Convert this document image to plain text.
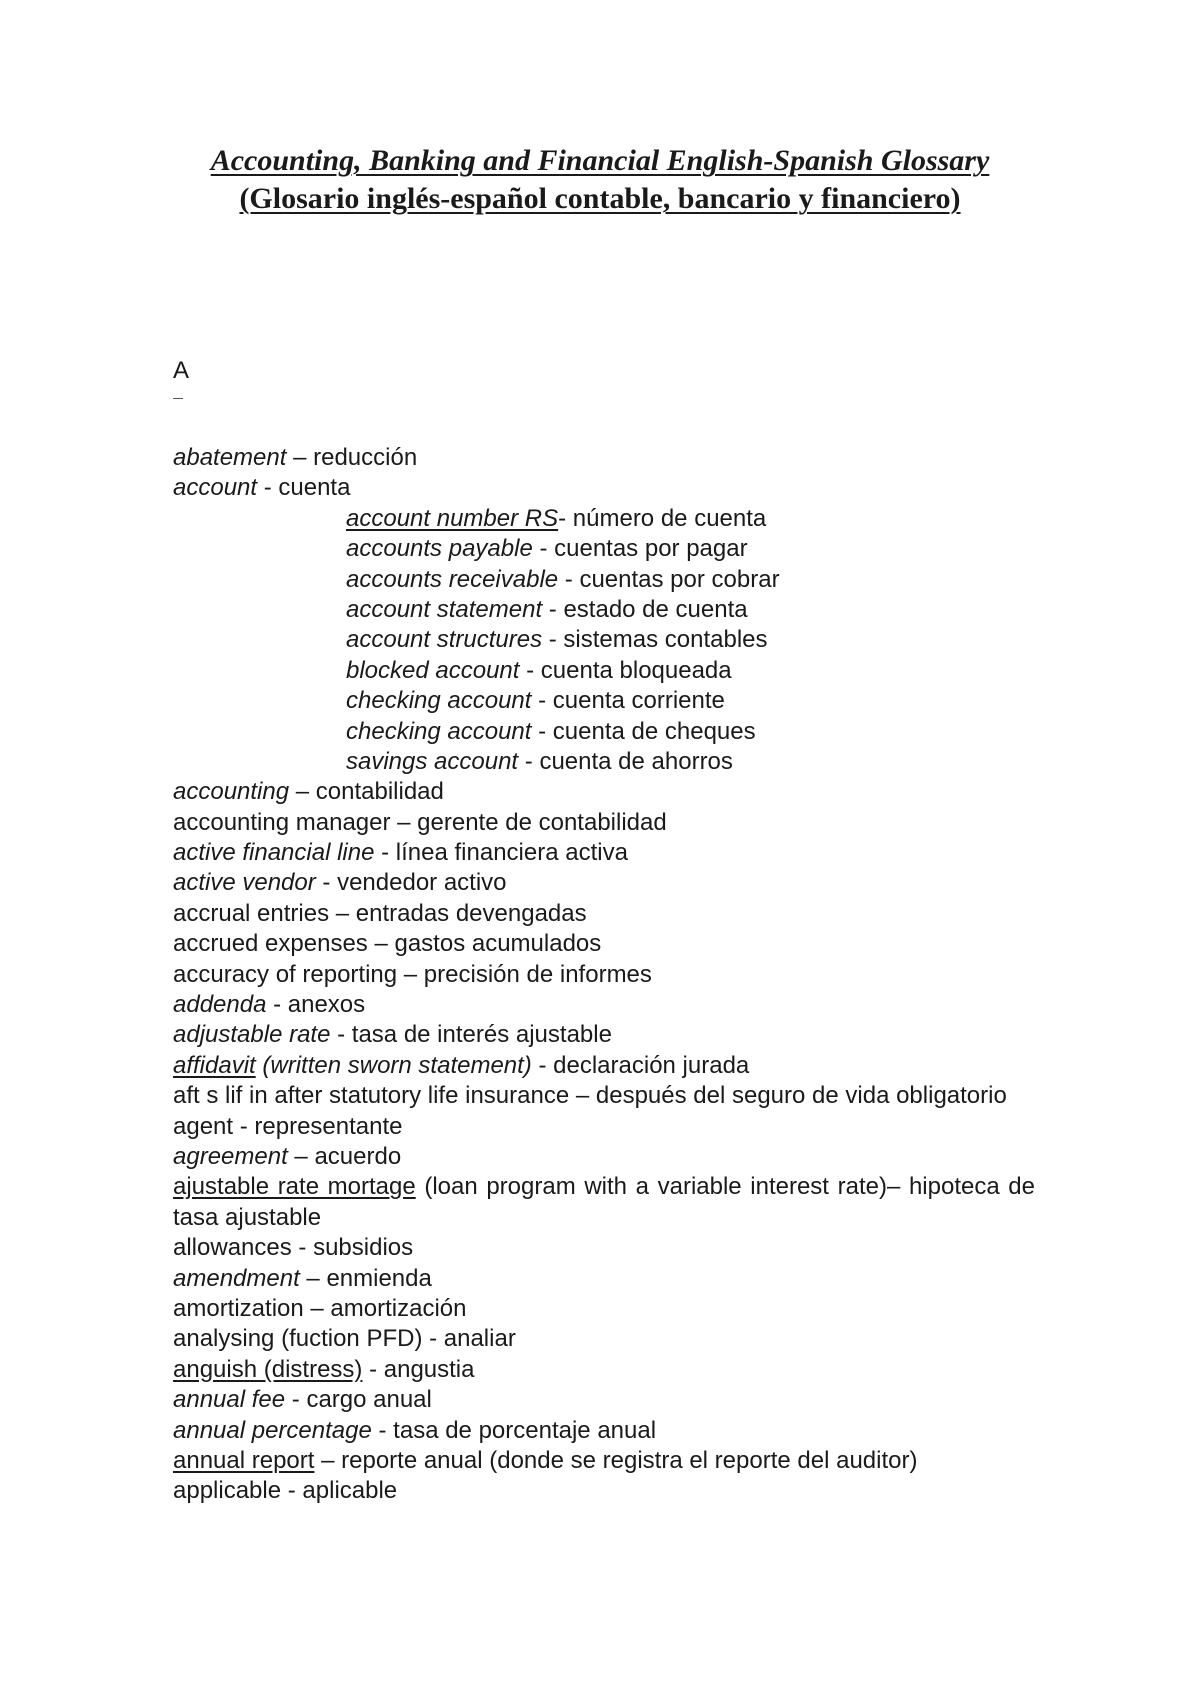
Accounting, Banking and Financial English-Spanish Glossary
(Glosario inglés-español contable, bancario y financiero)
A
abatement – reducción
account - cuenta
account number RS- número de cuenta
accounts payable - cuentas por pagar
accounts receivable - cuentas por cobrar
account statement - estado de cuenta
account structures - sistemas contables
blocked account - cuenta bloqueada
checking account - cuenta corriente
checking account - cuenta de cheques
savings account - cuenta de ahorros
accounting – contabilidad
accounting manager – gerente de contabilidad
active financial line - línea financiera activa
active vendor - vendedor activo
accrual entries – entradas devengadas
accrued expenses – gastos acumulados
accuracy of reporting – precisión de informes
addenda - anexos
adjustable rate - tasa de interés ajustable
affidavit (written sworn statement) - declaración jurada
aft s lif in after statutory life insurance – después del seguro de vida obligatorio
agent - representante
agreement – acuerdo
ajustable rate mortage (loan program with a variable interest rate)– hipoteca de tasa ajustable
allowances - subsidios
amendment – enmienda
amortization – amortización
analysing (fuction PFD) - analiar
anguish (distress) - angustia
annual fee - cargo anual
annual percentage - tasa de porcentaje anual
annual report – reporte anual (donde se registra el reporte del auditor)
applicable - aplicable
